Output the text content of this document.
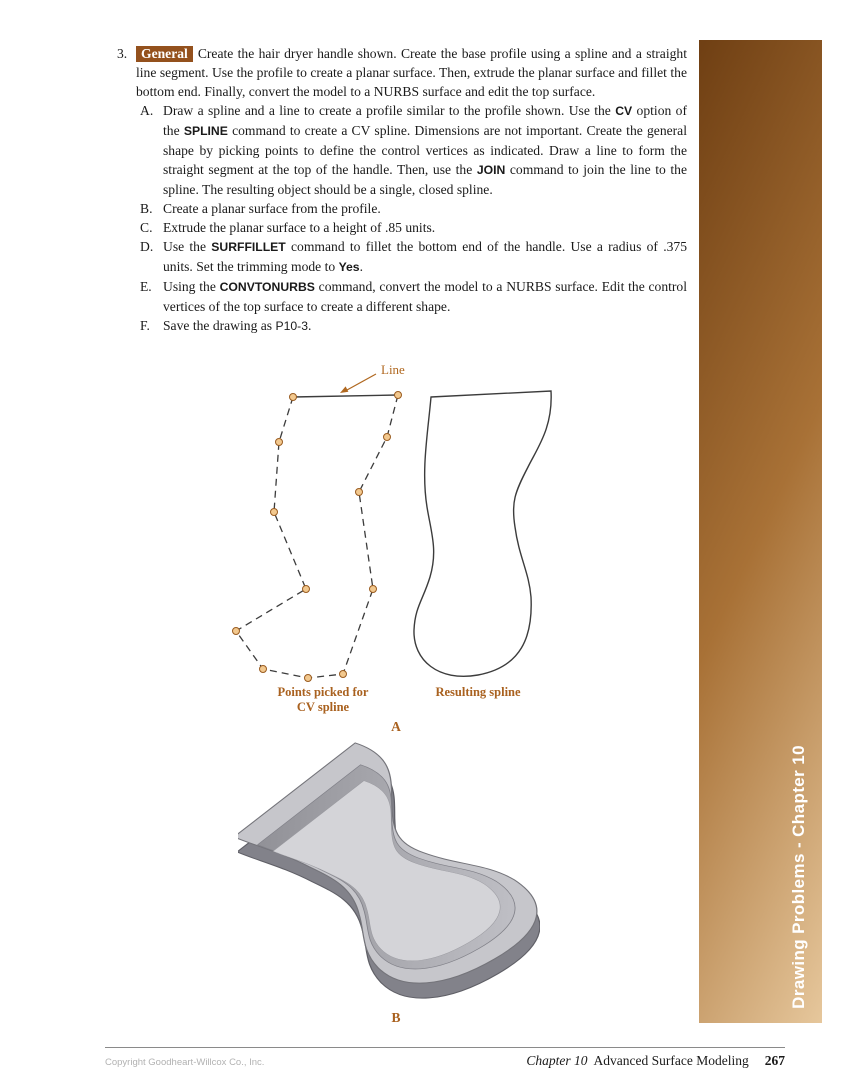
3.	General Create the hair dryer handle shown. Create the base profile using a spline and a straight line segment. Use the profile to create a planar surface. Then, extrude the planar surface and fillet the bottom end. Finally, convert the model to a NURBS surface and edit the top surface.

A. Draw a spline and a line to create a profile similar to the profile shown. Use the CV option of the SPLINE command to create a CV spline. Dimensions are not important. Create the general shape by picking points to define the control vertices as indicated. Draw a line to form the straight segment at the top of the handle. Then, use the JOIN command to join the line to the spline. The resulting object should be a single, closed spline.
B. Create a planar surface from the profile.
C. Extrude the planar surface to a height of .85 units.
D. Use the SURFFILLET command to fillet the bottom end of the handle. Use a radius of .375 units. Set the trimming mode to Yes.
E. Using the CONVTONURBS command, convert the model to a NURBS surface. Edit the control vertices of the top surface to create a different shape.
F. Save the drawing as P10-3.
Line
Points picked for
CV spline
Resulting spline
A
B
Drawing Problems - Chapter 10
Copyright Goodheart-Willcox Co., Inc.	Chapter 10 Advanced Surface Modeling 267
